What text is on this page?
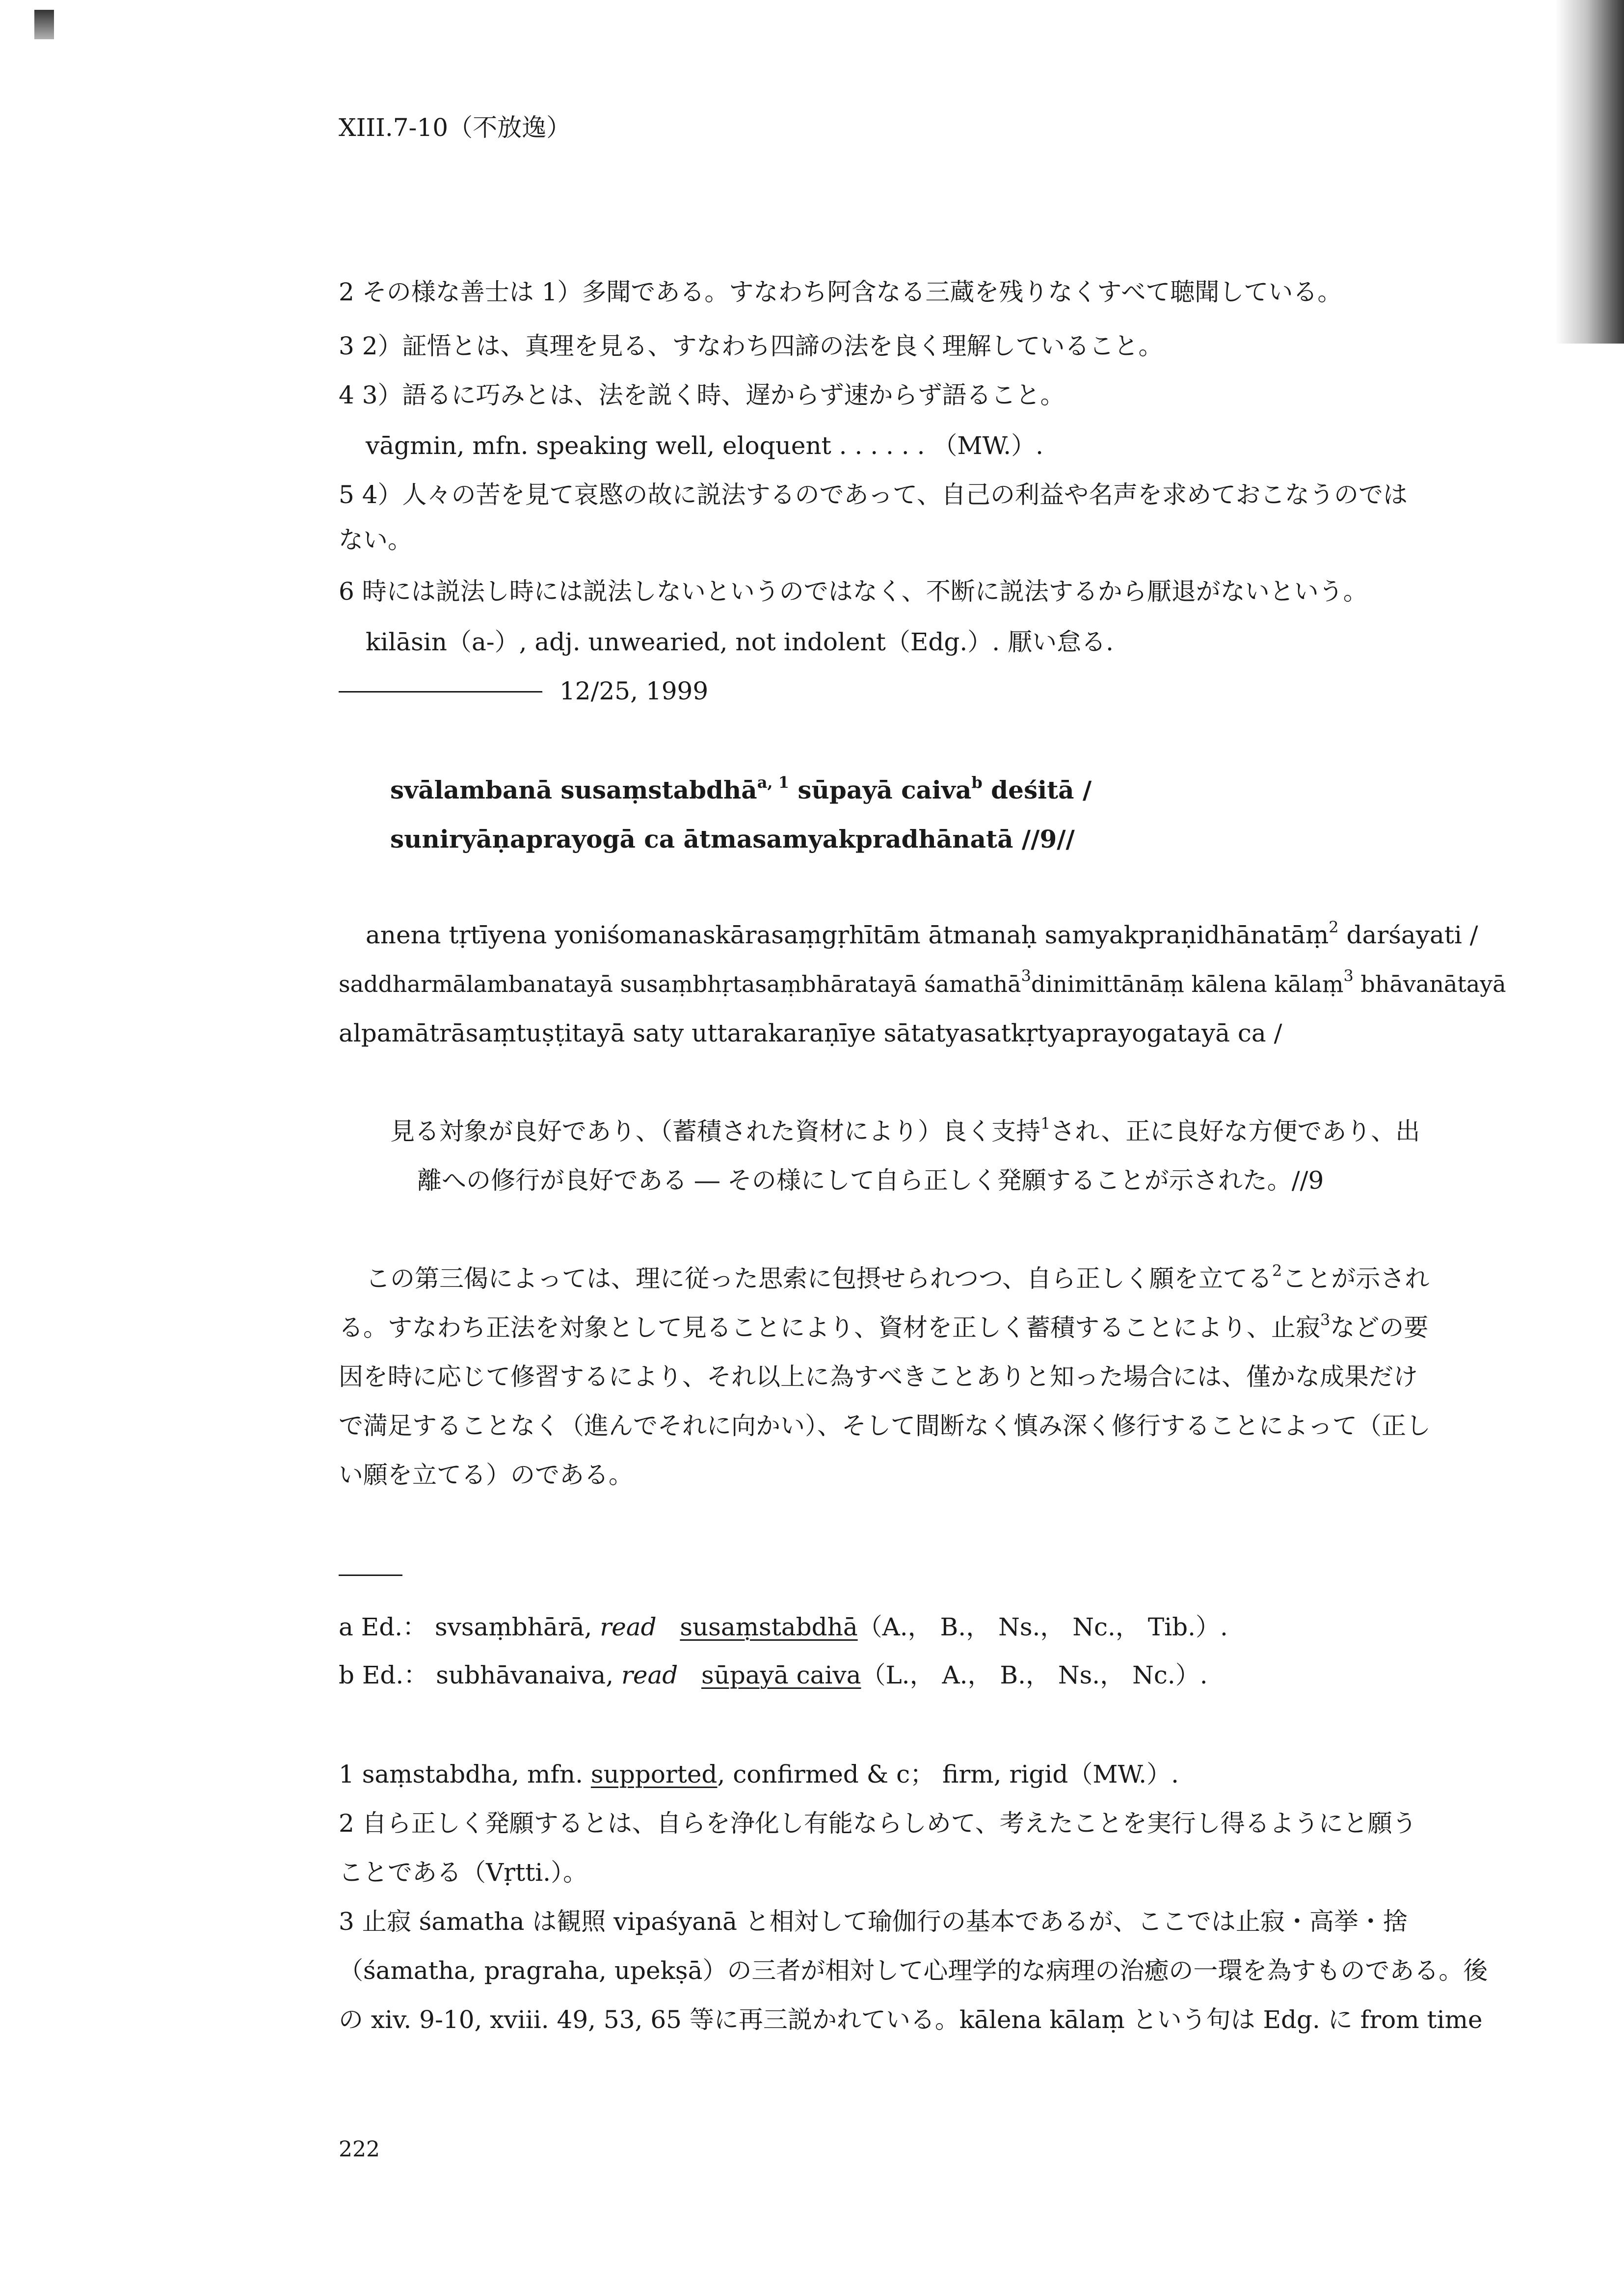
XIII.7-10（不放逸）
2 その様な善士は 1）多聞である。すなわち阿含なる三蔵を残りなくすべて聴聞している。
3 2）証悟とは、真理を見る、すなわち四諦の法を良く理解していること。
4 3）語るに巧みとは、法を説く時、遅からず速からず語ること。
vāgmin, mfn. speaking well, eloquent . . . . . . （MW.）.
5 4）人々の苦を見て哀愍の故に説法するのであって、自己の利益や名声を求めておこなうのでは
ない。
6 時には説法し時には説法しないというのではなく、不断に説法するから厭退がないという。
kilāsin（a-）, adj. unwearied, not indolent（Edg.）. 厭い怠る.
12/25, 1999
svālambanā susaṃstabdhā$^{a, 1}$ sūpayā caiva$^b$ deśitā /
suniryāṇaprayogā ca ātmasamyakpradhānatā //9//
anena tṛtīyena yoniśomanaskārasaṃgṛhītām ātmanaḥ samyakpraṇidhānatāṃ$^2$ darśayati /
saddharmālambanatayā susaṃbhṛtasaṃbhāratayā śamathā$^3$dinimittānāṃ kālena kālaṃ$^3$ bhāvanātayā
alpamātrāsaṃtuṣṭitayā saty uttarakaraṇīye sātatyasatkṛtyaprayogatayā ca /
見る対象が良好であり、（蓄積された資材により）良く支持$^1$され、正に良好な方便であり、出
離への修行が良好である ― その様にして自ら正しく発願することが示された。//9
この第三偈によっては、理に従った思索に包摂せられつつ、自ら正しく願を立てる$^2$ことが示され
る。すなわち正法を対象として見ることにより、資材を正しく蓄積することにより、止寂$^3$などの要
因を時に応じて修習するにより、それ以上に為すべきことありと知った場合には、僅かな成果だけ
で満足することなく（進んでそれに向かい）、そして間断なく慎み深く修行することによって（正し
い願を立てる）のである。
a Ed.： svsaṃbhārā, read susaṃstabdhā（A.， B.， Ns.， Nc.， Tib.）.
b Ed.： subhāvanaiva, read sūpayā caiva（L.， A.， B.， Ns.， Nc.）.
1 saṃstabdha, mfn. supported, confirmed & c； firm, rigid（MW.）.
2 自ら正しく発願するとは、自らを浄化し有能ならしめて、考えたことを実行し得るようにと願う
ことである（Vṛtti.）。
3 止寂 śamatha は観照 vipaśyanā と相対して瑜伽行の基本であるが、ここでは止寂・高挙・捨
（śamatha, pragraha, upekṣā）の三者が相対して心理学的な病理の治癒の一環を為すものである。後
の xiv. 9-10, xviii. 49, 53, 65 等に再三説かれている。kālena kālaṃ という句は Edg. に from time
222
